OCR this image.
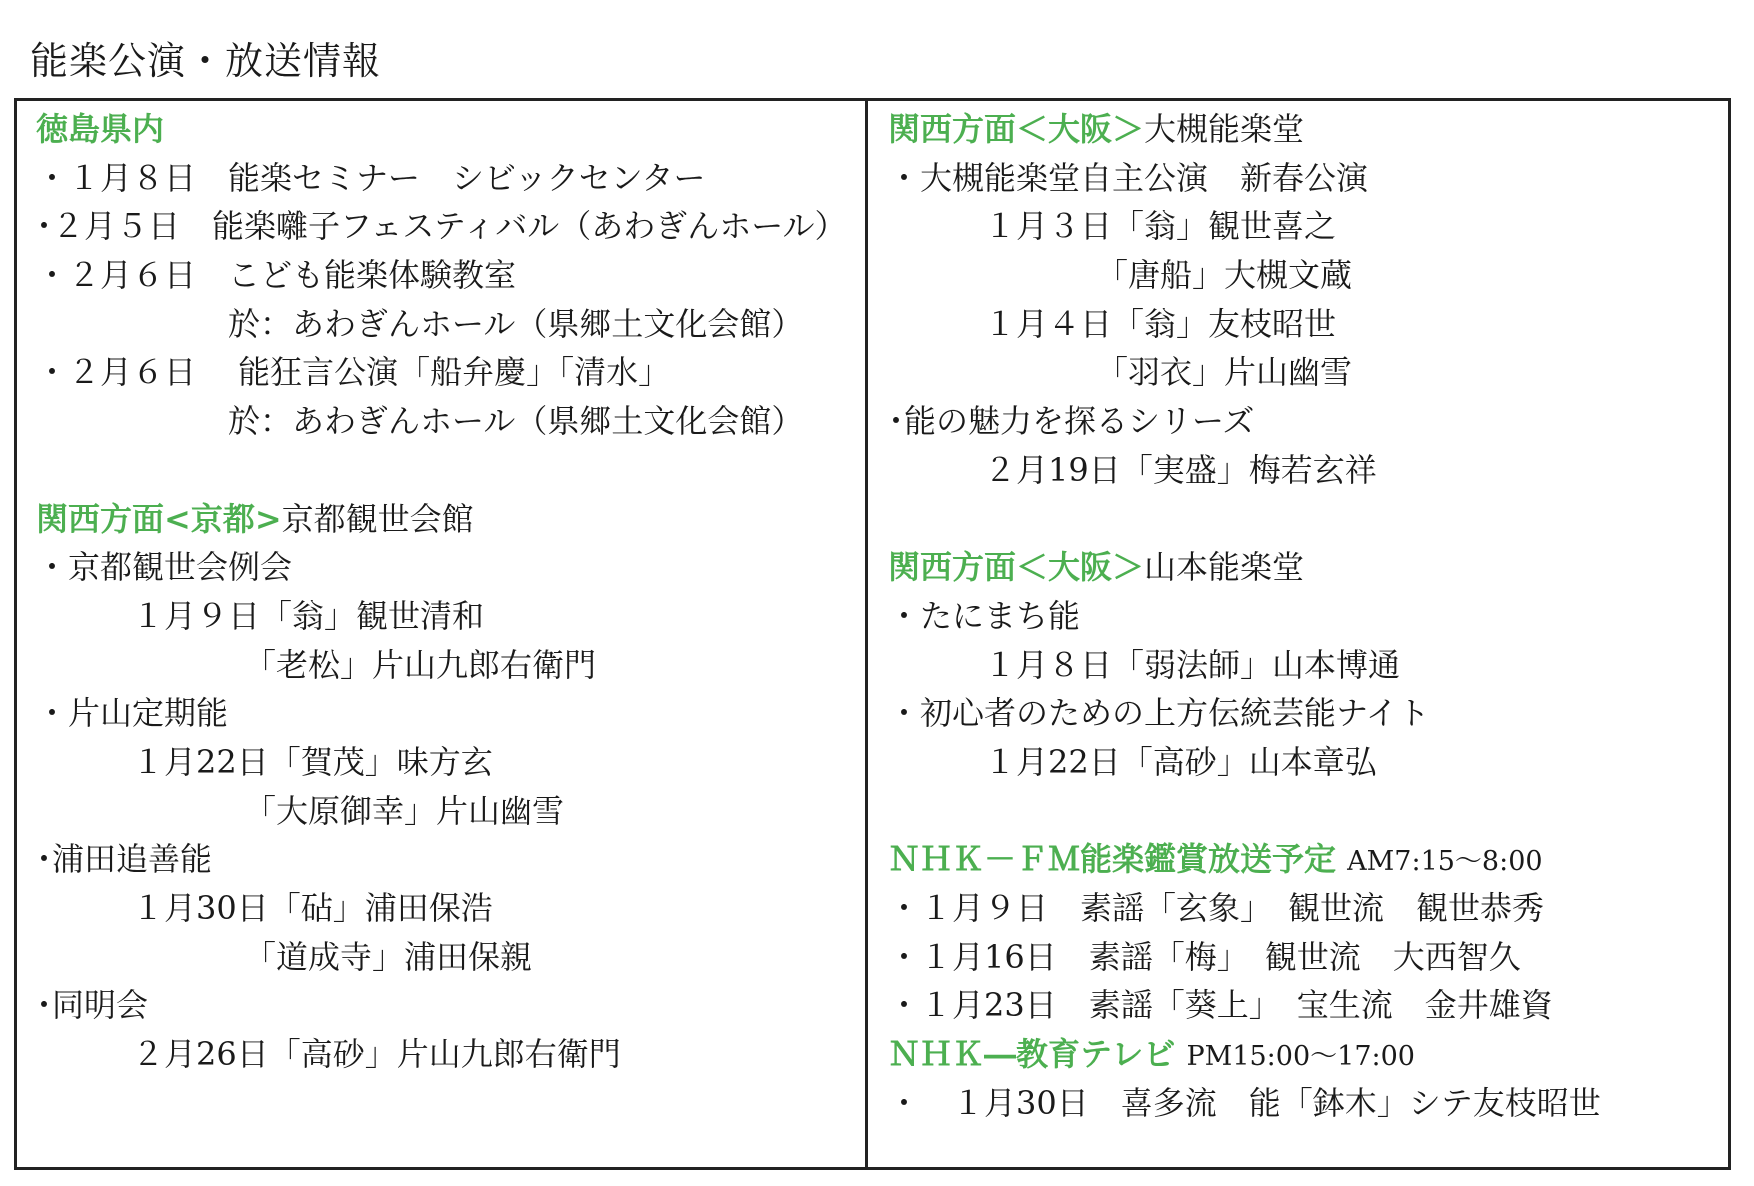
能楽公演・放送情報
徳島県内
・１月８日　能楽セミナー　シビックセンター
･２月５日　能楽囃子フェスティバル（あわぎんホール）
・２月６日　こども能楽体験教室
　　　　　　於：あわぎんホール（県郷土文化会館）
・２月６日　 能狂言公演「船弁慶」「清水」
　　　　　　於：あわぎんホール（県郷土文化会館）
関西方面<京都>京都観世会館
・京都観世会例会
　　　１月９日「翁」観世清和
　　　　　　　「老松」片山九郎右衛門
・片山定期能
　　　１月22日「賀茂」味方玄
　　　　　　　「大原御幸」片山幽雪
･浦田追善能
　　　１月30日「砧」浦田保浩
　　　　　　　「道成寺」浦田保親
･同明会
　　　２月26日「高砂」片山九郎右衛門
関西方面＜大阪＞大槻能楽堂
・大槻能楽堂自主公演　新春公演
　　　１月３日「翁」観世喜之
　　　　　　　「唐船」大槻文蔵
　　　１月４日「翁」友枝昭世
　　　　　　　「羽衣」片山幽雪
･能の魅力を探るシリーズ
　　　２月19日「実盛」梅若玄祥
関西方面＜大阪＞山本能楽堂
・たにまち能
　　　１月８日「弱法師」山本博通
・初心者のための上方伝統芸能ナイト
　　　１月22日「高砂」山本章弘
ＮＨＫ－ＦＭ能楽鑑賞放送予定 AM7:15～8:00
・１月９日　素謡「玄象」　観世流　観世恭秀
・１月16日　素謡「梅」　観世流　大西智久
・１月23日　素謡「葵上」　宝生流　金井雄資
ＮＨＫ―教育テレビ PM15:00～17:00
・　１月30日　喜多流　能「鉢木」シテ友枝昭世
